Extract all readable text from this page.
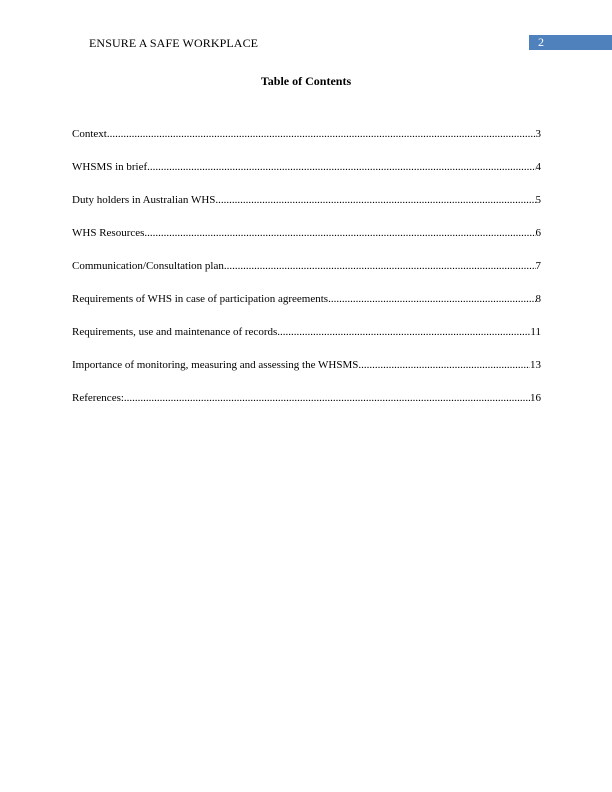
ENSURE A SAFE WORKPLACE	2
Table of Contents
Context .....	3
WHSMS in brief .....	4
Duty holders in Australian WHS .....	5
WHS Resources .....	6
Communication/Consultation plan .....	7
Requirements of WHS in case of participation agreements .....	8
Requirements, use and maintenance of records .....	11
Importance of monitoring, measuring and assessing the WHSMS .....	13
References: .....	16
